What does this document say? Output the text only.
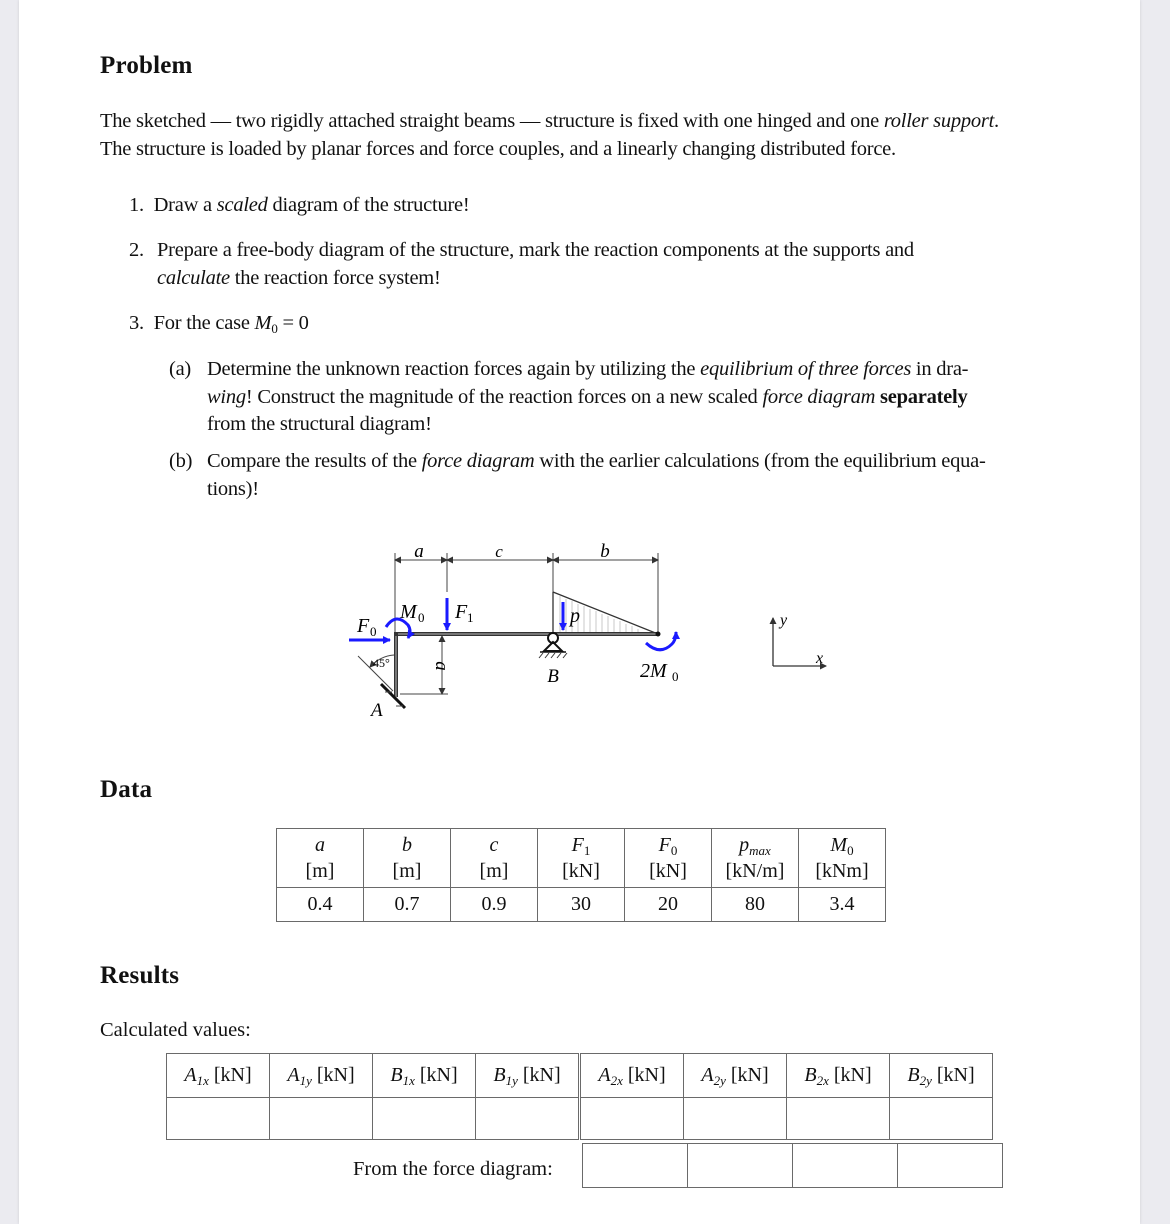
Problem
The sketched — two rigidly attached straight beams — structure is fixed with one hinged and one roller support.
The structure is loaded by planar forces and force couples, and a linearly changing distributed force.
1. Draw a scaled diagram of the structure!
2. Prepare a free-body diagram of the structure, mark the reaction components at the supports and
calculate the reaction force system!
3. For the case $M_0 = 0$
(a) Determine the unknown reaction forces again by utilizing the equilibrium of three forces in dra-
wing! Construct the magnitude of the reaction forces on a new scaled force diagram separately
from the structural diagram!
(b) Compare the results of the force diagram with the earlier calculations (from the equilibrium equa-
tions)!
a	c	b
a
45°
A
B
F 0
M 0 F 1	p
2M 0
y
x
Data
a
[m]	b
[m]	c
[m]	$F_1$
[kN]	$F_0$
[kN]	$p_{max}$
[kN/m]	$M_0$
[kNm]
0.4	0.7	0.9	30	20	80	3.4
Results
Calculated values:
$A_{1x}$ [kN]	$A_{1y}$ [kN]	$B_{1x}$ [kN]	$B_{1y}$ [kN]	$A_{2x}$ [kN]	$A_{2y}$ [kN]	$B_{2x}$ [kN]	$B_{2y}$ [kN]

From the force diagram:
